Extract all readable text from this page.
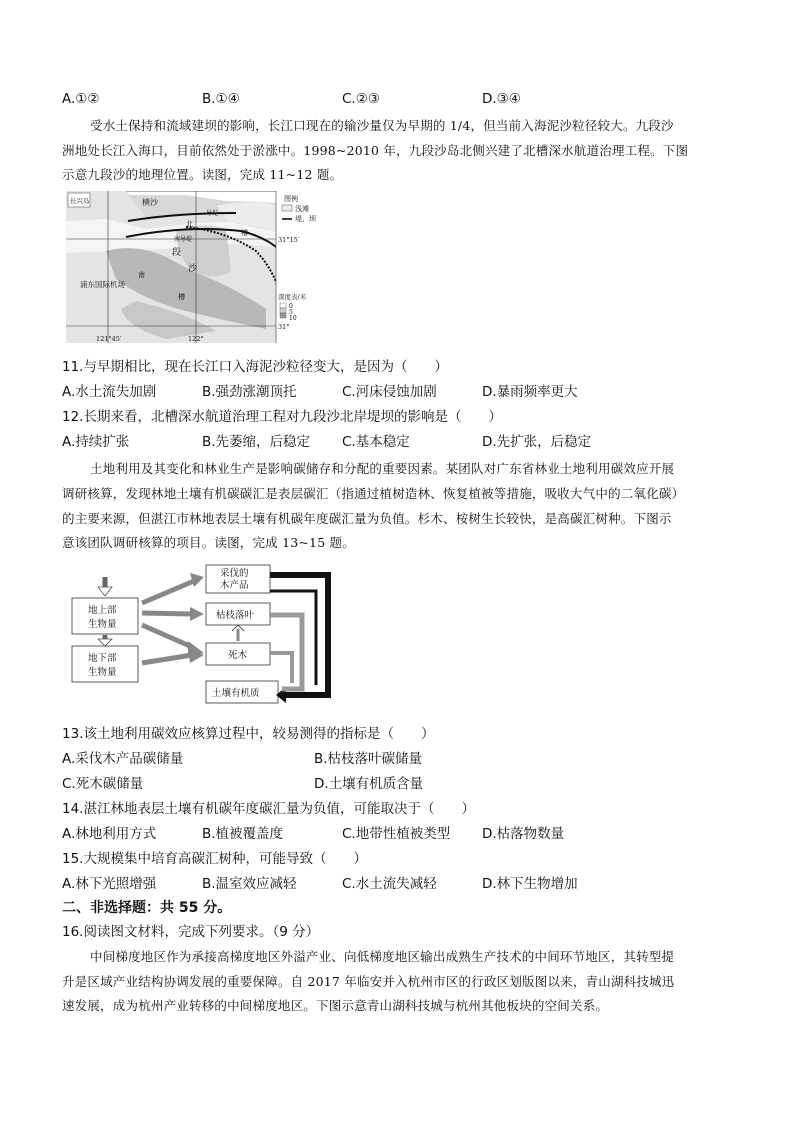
A.①②	B.①④	C.②③	D.③④
受水土保持和流域建坝的影响，长江口现在的输沙量仅为早期的 1/4，但当前入海泥沙粒径较大。九段沙
洲地处长江入海口，目前依然处于淤涨中。1998~2010 年，九段沙岛北侧兴建了北槽深水航道治理工程。下图
示意九段沙的地理位置。读图，完成 11~12 题。
图例
浅滩
堤、坝
31°15′
深度表/米
0
5
10
31°
长兴岛	横沙
导堤
北
槽
段
南导堤
沙
南
槽
浦东国际机场
121°45′	122°
11.与早期相比，现在长江口入海泥沙粒径变大，是因为（　　）
A.水土流失加剧	B.强劲涨潮顶托	C.河床侵蚀加剧	D.暴雨频率更大
12.长期来看，北槽深水航道治理工程对九段沙北岸堤坝的影响是（　　）
A.持续扩张	B.先萎缩，后稳定 C.基本稳定	D.先扩张，后稳定
土地利用及其变化和林业生产是影响碳储存和分配的重要因素。某团队对广东省林业土地利用碳效应开展
调研核算，发现林地土壤有机碳碳汇是表层碳汇（指通过植树造林、恢复植被等措施，吸收大气中的二氧化碳）
的主要来源，但湛江市林地表层土壤有机碳年度碳汇量为负值。杉木、桉树生长较快，是高碳汇树种。下图示
意该团队调研核算的项目。读图，完成 13~15 题。
地上部
生物量
地下部
生物量
采伐的
木产品
枯枝落叶
死木
土壤有机质
13.该土地利用碳效应核算过程中，较易测得的指标是（　　）
A.采伐木产品碳储量	B.枯枝落叶碳储量
C.死木碳储量	D.土壤有机质含量
14.湛江林地表层土壤有机碳年度碳汇量为负值，可能取决于（　　）
A.林地利用方式	B.植被覆盖度	C.地带性植被类型 D.枯落物数量
15.大规模集中培育高碳汇树种，可能导致（　　）
A.林下光照增强	B.温室效应减轻	C.水土流失减轻	D.林下生物增加
二、非选择题：共 55 分。
16.阅读图文材料，完成下列要求。（9 分）
中间梯度地区作为承接高梯度地区外溢产业、向低梯度地区输出成熟生产技术的中间环节地区，其转型提
升是区域产业结构协调发展的重要保障。自 2017 年临安并入杭州市区的行政区划版图以来，青山湖科技城迅
速发展，成为杭州产业转移的中间梯度地区。下图示意青山湖科技城与杭州其他板块的空间关系。
